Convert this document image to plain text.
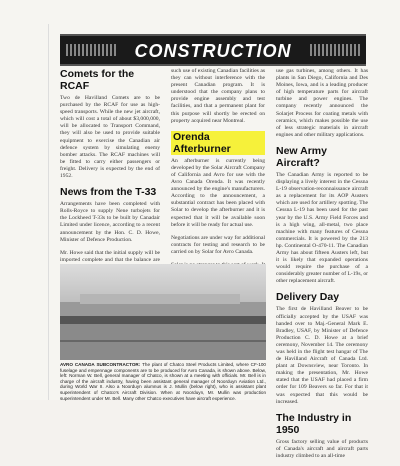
CONSTRUCTION
Comets for the RCAF

Two de Havilland Comets are to be purchased by the RCAF for use as high-speed transports. While the new jet aircraft, which will cost a total of about $3,000,000, will be allocated to Transport Command, they will also be used to provide suitable equipment to exercise the Canadian air defence system by simulating enemy bomber attacks. The RCAF machines will be fitted to carry either passengers or freight. Delivery is expected by the end of 1952.

News from the T-33

Arrangements have been completed with Rolls-Royce to supply Nene turbojets for the Lockheed T-33s to be built by Canadair Limited under licence, according to a recent announcement by the Hon. C. D. Howe, Minister of Defence Production.

Mr. Howe said that the initial supply will be imported complete and that the balance are

such use of existing Canadian facilities as they can without interference with the present Canadian program. It is understood that the company plans to provide engine assembly and test facilities, and that a permanent plant for this purpose will shortly be erected on property acquired near Montreal.

Orenda Afterburner

An afterburner is currently being developed by the Solar Aircraft Company of California and Avro for use with the Avro Canada Orenda. It was recently announced by the engine's manufacturers. According to the announcement, a substantial contract has been placed with Solar to develop the afterburner and it is expected that it will be available soon before it will be ready for actual use.

Negotiations are under way for additional contracts for testing and research to be carried on by Solar for Avro Canada.

use gas turbines, among others. It has plants in San Diego, California and Des Moines, Iowa, and is a leading producer of high temperature parts for aircraft turbine and power engines. The company recently announced the Solarjet Process for coating metals with ceramics, which makes possible the use of less strategic materials in aircraft engines and other military applications.

New Army Aircraft?

The Canadian Army is reported to be displaying a lively interest in the Cessna L-19 observation-reconnaissance aircraft as a replacement for its AOP Austers which are used for artillery spotting. The Cessna L-19 has been used for the past year by the U.S. Army Field Forces and is a high wing, all-metal, two place machine with many features of Cessna commercials. It is powered by the 213 hp. Continental O-470-11. The Canadian Army has about fifteen Austers left, but it is likely that expanded operations would require the purchase of a considerably greater number of L-19s, or other replacement aircraft.

Delivery Day

The first de Havilland Beaver to be officially accepted by the USAF was handed over to Maj.-General Mark E. Bradley, USAF, by Minister of Defence Production C. D. Howe at a brief ceremony, November 14. The ceremony was held in the flight test hangar of The de Havilland Aircraft of Canada Ltd. plant at Downsview, near Toronto. In making the presentation, Mr. Howe stated that the USAF had placed a firm order for 109 Beavers so far. For that it was expected that this would be increased.

The Industry in 1950

Gross factory selling value of products of Canada's aircraft and aircraft parts industry climbed to an all-time

AVRO CANADA SUBCONTRACTOR: The plant of Chatco Steel Products Limited, where CF-100 fuselage and empennage components are to be produced for Avro Canada, is shown above. Below, left: Norman W. Bell, general manager of Chatco, is shown at a meeting with officials. Mr. Bell is in charge of the aircraft industry, having been assistant general manager of Noorduyn Aviation Ltd., during World War II. Also a Noorduyn alumnus is J. Mullin (below right), who is assistant plant superintendent of Chatco's Aircraft Division. When at Noorduyn, Mr. Mullin was production superintendent under Mr. Bell. Many other Chatco executives have aircraft experience.
